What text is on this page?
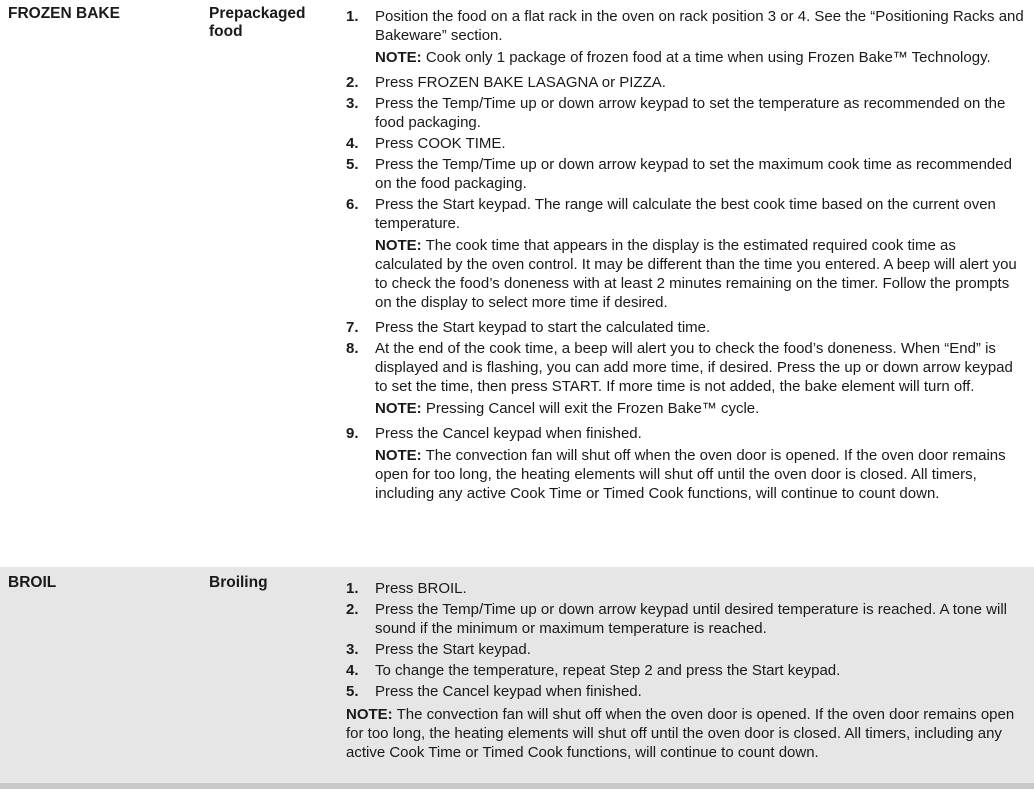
FROZEN BAKE	Prepackaged food
1.	Position the food on a flat rack in the oven on rack position 3 or 4. See the “Positioning Racks and Bakeware” section.
NOTE: Cook only 1 package of frozen food at a time when using Frozen Bake™ Technology.
2.	Press FROZEN BAKE LASAGNA or PIZZA.
3.	Press the Temp/Time up or down arrow keypad to set the temperature as recommended on the food packaging.
4.	Press COOK TIME.
5.	Press the Temp/Time up or down arrow keypad to set the maximum cook time as recommended on the food packaging.
6.	Press the Start keypad. The range will calculate the best cook time based on the current oven temperature.
NOTE: The cook time that appears in the display is the estimated required cook time as calculated by the oven control. It may be different than the time you entered. A beep will alert you to check the food’s doneness with at least 2 minutes remaining on the timer. Follow the prompts on the display to select more time if desired.
7.	Press the Start keypad to start the calculated time.
8.	At the end of the cook time, a beep will alert you to check the food’s doneness. When “End” is displayed and is flashing, you can add more time, if desired. Press the up or down arrow keypad to set the time, then press START. If more time is not added, the bake element will turn off.
NOTE: Pressing Cancel will exit the Frozen Bake™ cycle.
9.	Press the Cancel keypad when finished.
NOTE: The convection fan will shut off when the oven door is opened. If the oven door remains open for too long, the heating elements will shut off until the oven door is closed. All timers, including any active Cook Time or Timed Cook functions, will continue to count down.
BROIL	Broiling	1.	Press BROIL.
2.	Press the Temp/Time up or down arrow keypad until desired temperature is reached. A tone will sound if the minimum or maximum temperature is reached.
3.	Press the Start keypad.
4.	To change the temperature, repeat Step 2 and press the Start keypad.
5.	Press the Cancel keypad when finished.
NOTE: The convection fan will shut off when the oven door is opened. If the oven door remains open for too long, the heating elements will shut off until the oven door is closed. All timers, including any active Cook Time or Timed Cook functions, will continue to count down.
